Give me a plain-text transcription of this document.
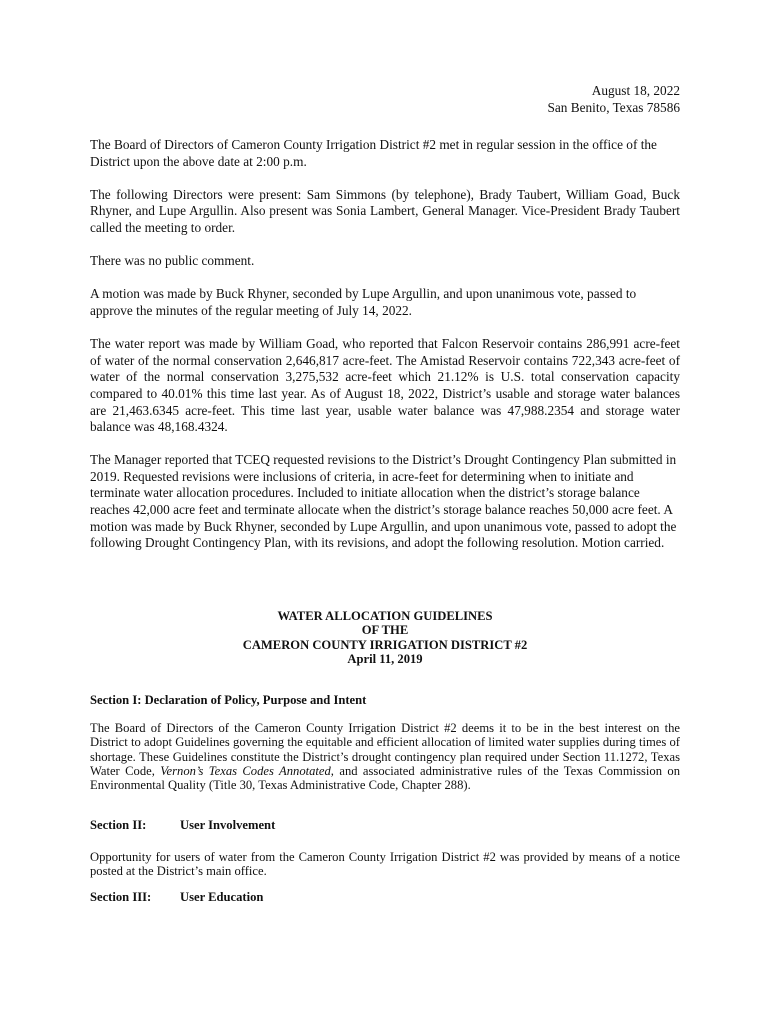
August 18, 2022
San Benito, Texas 78586

The Board of Directors of Cameron County Irrigation District #2 met in regular session in the office of the District upon the above date at 2:00 p.m.

The following Directors were present: Sam Simmons (by telephone), Brady Taubert, William Goad, Buck Rhyner, and Lupe Argullin. Also present was Sonia Lambert, General Manager. Vice-President Brady Taubert called the meeting to order.

There was no public comment.

A motion was made by Buck Rhyner, seconded by Lupe Argullin, and upon unanimous vote, passed to approve the minutes of the regular meeting of July 14, 2022.

The water report was made by William Goad, who reported that Falcon Reservoir contains 286,991 acre-feet of water of the normal conservation 2,646,817 acre-feet. The Amistad Reservoir contains 722,343 acre-feet of water of the normal conservation 3,275,532 acre-feet which 21.12% is U.S. total conservation capacity compared to 40.01% this time last year. As of August 18, 2022, District’s usable and storage water balances are 21,463.6345 acre-feet. This time last year, usable water balance was 47,988.2354 and storage water balance was 48,168.4324.

The Manager reported that TCEQ requested revisions to the District’s Drought Contingency Plan submitted in 2019. Requested revisions were inclusions of criteria, in acre-feet for determining when to initiate and terminate water allocation procedures. Included to initiate allocation when the district’s storage balance reaches 42,000 acre feet and terminate allocate when the district’s storage balance reaches 50,000 acre feet. A motion was made by Buck Rhyner, seconded by Lupe Argullin, and upon unanimous vote, passed to adopt the following Drought Contingency Plan, with its revisions, and adopt the following resolution. Motion carried.

WATER ALLOCATION GUIDELINES
OF THE
CAMERON COUNTY IRRIGATION DISTRICT #2
April 11, 2019

Section I: Declaration of Policy, Purpose and Intent

The Board of Directors of the Cameron County Irrigation District #2 deems it to be in the best interest on the District to adopt Guidelines governing the equitable and efficient allocation of limited water supplies during times of shortage. These Guidelines constitute the District’s drought contingency plan required under Section 11.1272, Texas Water Code, Vernon’s Texas Codes Annotated, and associated administrative rules of the Texas Commission on Environmental Quality (Title 30, Texas Administrative Code, Chapter 288).

Section II:	User Involvement

Opportunity for users of water from the Cameron County Irrigation District #2 was provided by means of a notice posted at the District’s main office.

Section III: User Education
